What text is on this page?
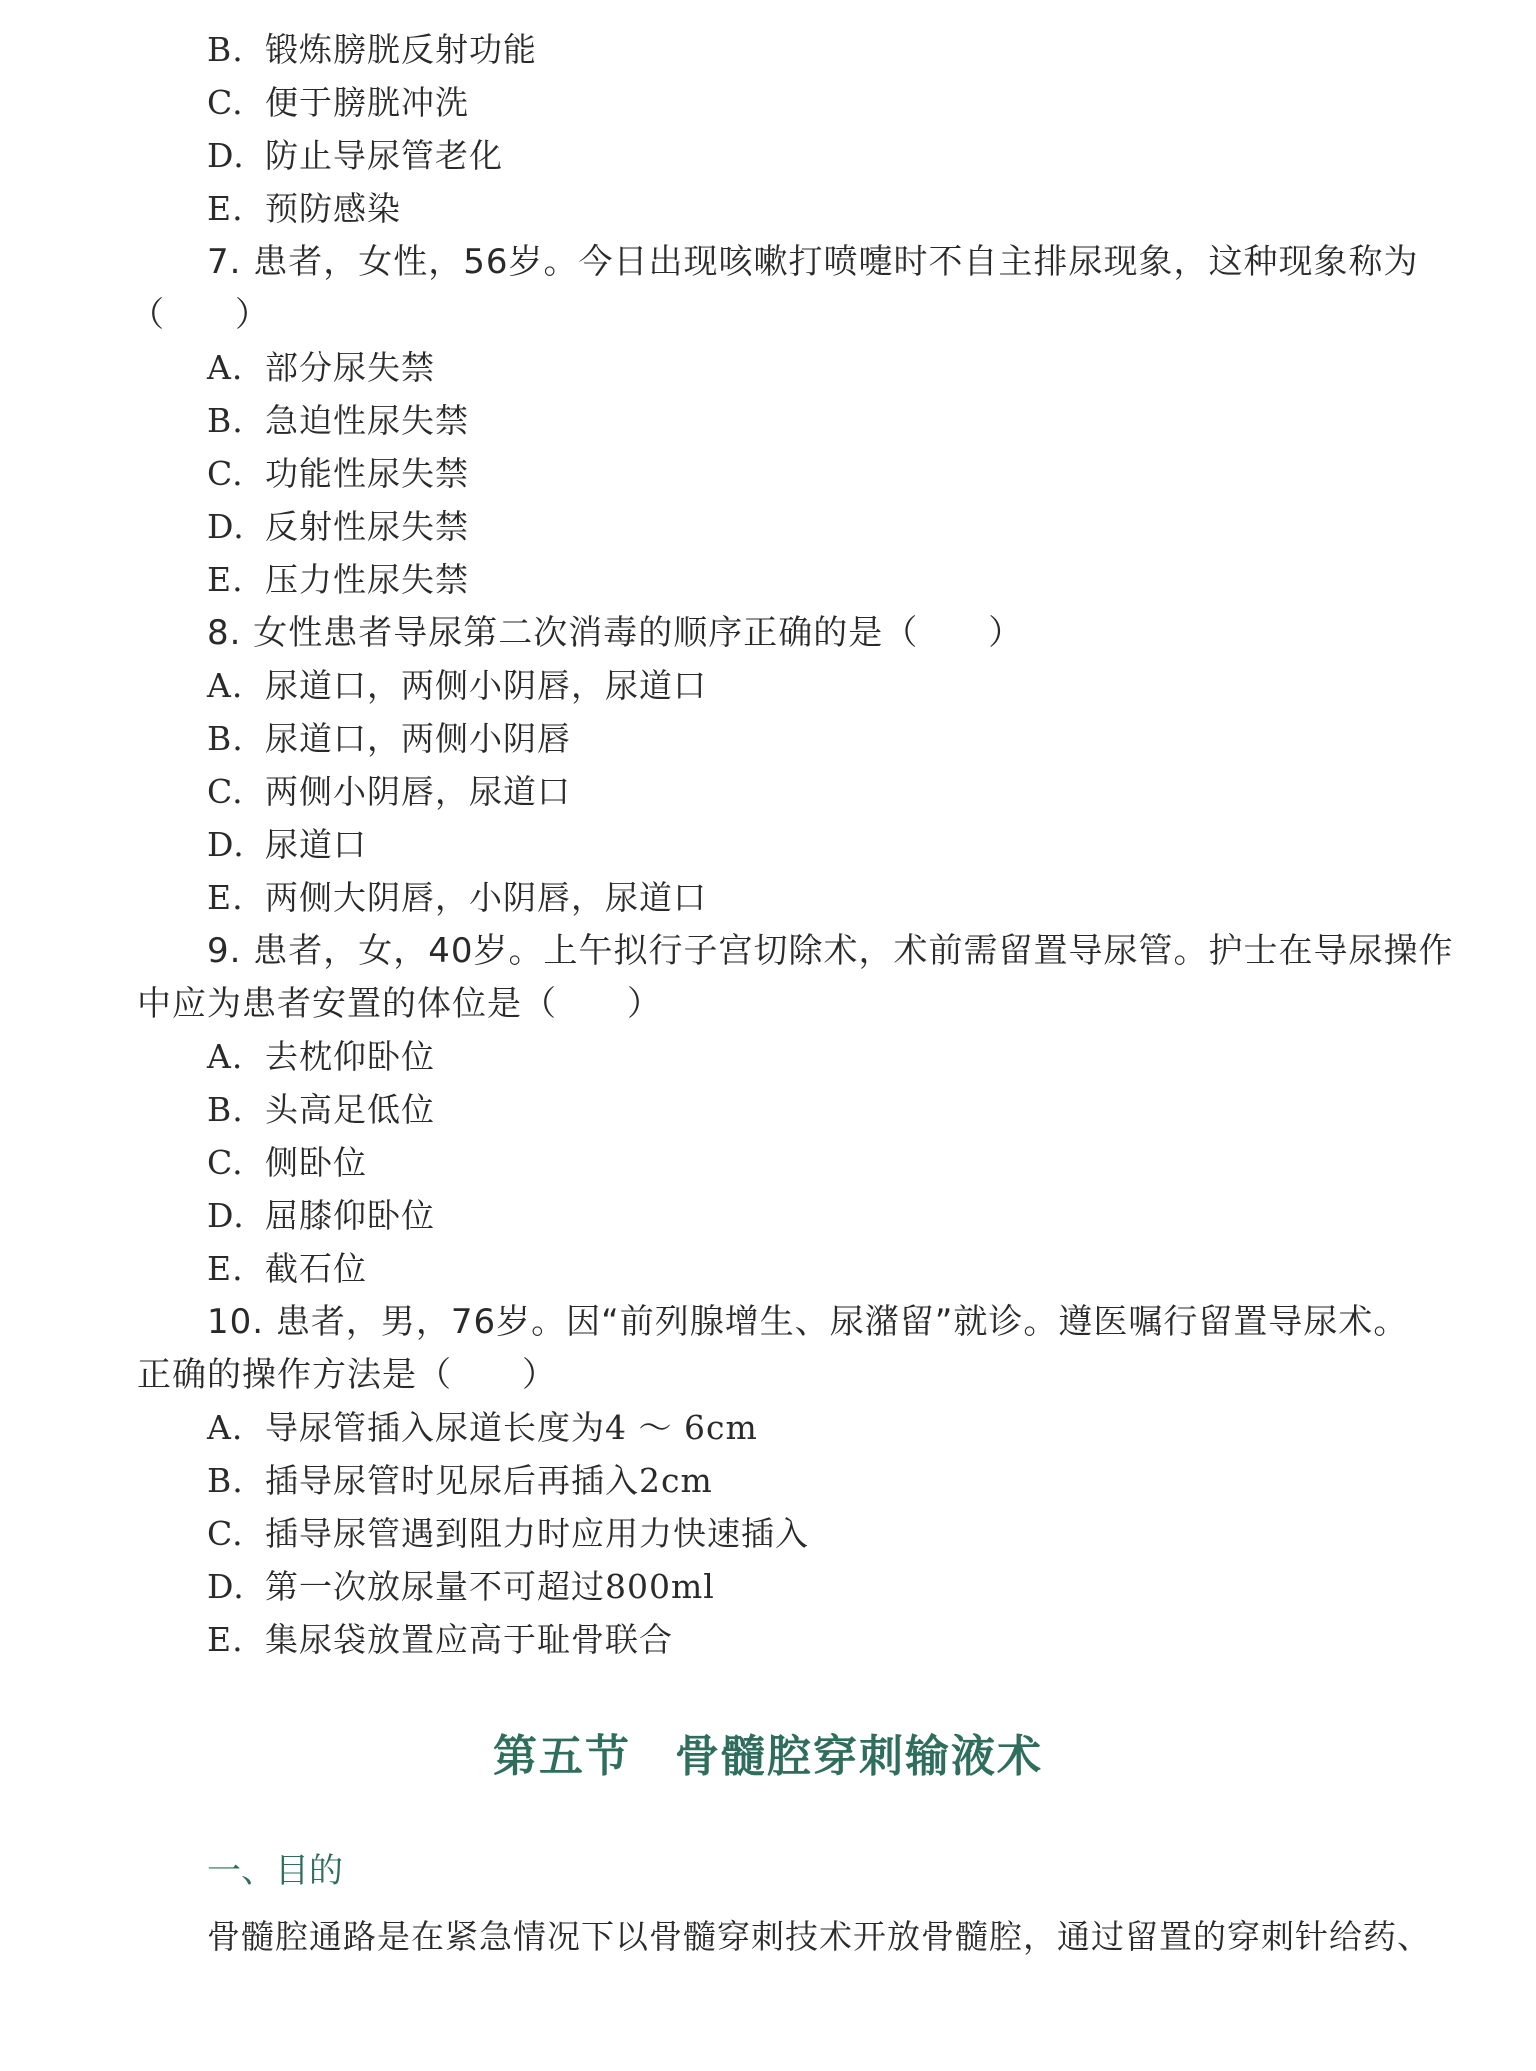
B. 锻炼膀胱反射功能
C. 便于膀胱冲洗
D. 防止导尿管老化
E. 预防感染
7. 患者，女性，56岁。今日出现咳嗽打喷嚏时不自主排尿现象，这种现象称为
（　　）
A. 部分尿失禁
B. 急迫性尿失禁
C. 功能性尿失禁
D. 反射性尿失禁
E. 压力性尿失禁
8. 女性患者导尿第二次消毒的顺序正确的是（　　）
A. 尿道口，两侧小阴唇，尿道口
B. 尿道口，两侧小阴唇
C. 两侧小阴唇，尿道口
D. 尿道口
E. 两侧大阴唇，小阴唇，尿道口
9. 患者，女，40岁。上午拟行子宫切除术，术前需留置导尿管。护士在导尿操作
中应为患者安置的体位是（　　）
A. 去枕仰卧位
B. 头高足低位
C. 侧卧位
D. 屈膝仰卧位
E. 截石位
10. 患者，男，76岁。因“前列腺增生、尿潴留”就诊。遵医嘱行留置导尿术。
正确的操作方法是（　　）
A. 导尿管插入尿道长度为4 ～ 6cm
B. 插导尿管时见尿后再插入2cm
C. 插导尿管遇到阻力时应用力快速插入
D. 第一次放尿量不可超过800ml
E. 集尿袋放置应高于耻骨联合
第五节 骨髓腔穿刺输液术
一、目的
骨髓腔通路是在紧急情况下以骨髓穿刺技术开放骨髓腔，通过留置的穿刺针给药、
